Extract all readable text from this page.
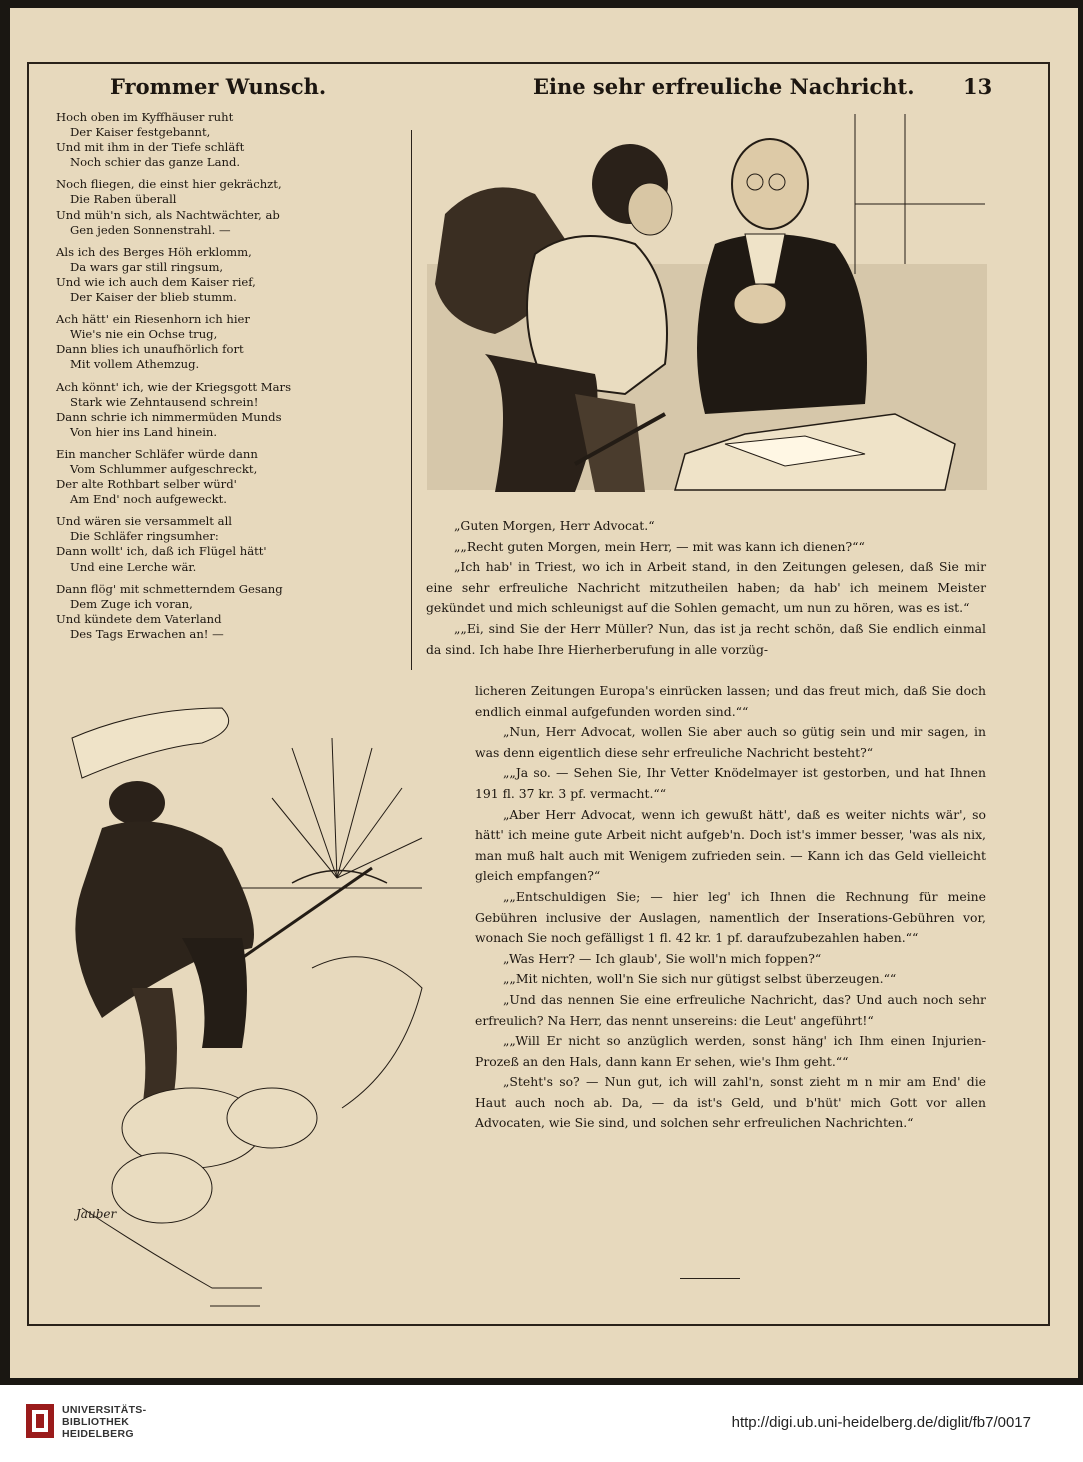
Frommer Wunsch.	Eine sehr erfreuliche Nachricht. 13
Hoch oben im Kyffhäuser ruht
Der Kaiser festgebannt,
Und mit ihm in der Tiefe schläft
Noch schier das ganze Land.
Noch fliegen, die einst hier gekrächzt,
Die Raben überall
Und müh'n sich, als Nachtwächter, ab
Gen jeden Sonnenstrahl. —
Als ich des Berges Höh erklomm,
Da wars gar still ringsum,
Und wie ich auch dem Kaiser rief,
Der Kaiser der blieb stumm.
Ach hätt' ein Riesenhorn ich hier
Wie's nie ein Ochse trug,
Dann blies ich unaufhörlich fort
Mit vollem Athemzug.
Ach könnt' ich, wie der Kriegsgott Mars
Stark wie Zehntausend schrein!
Dann schrie ich nimmermüden Munds
Von hier ins Land hinein.
Ein mancher Schläfer würde dann
Vom Schlummer aufgeschreckt,
Der alte Rothbart selber würd'
Am End' noch aufgeweckt.
Und wären sie versammelt all
Die Schläfer ringsumher:
Dann wollt' ich, daß ich Flügel hätt'
Und eine Lerche wär.
Dann flög' mit schmetterndem Gesang
Dem Zuge ich voran,
Und kündete dem Vaterland
Des Tags Erwachen an! —

„Guten Morgen, Herr Advocat.“

„„Recht guten Morgen, mein Herr, — mit was kann ich dienen?““

„Ich hab' in Triest, wo ich in Arbeit stand, in den Zeitungen gelesen, daß Sie mir eine sehr erfreuliche Nachricht mitzutheilen haben; da hab' ich meinem Meister gekündet und mich schleunigst auf die Sohlen gemacht, um nun zu hören, was es ist.“

„„Ei, sind Sie der Herr Müller? Nun, das ist ja recht schön, daß Sie endlich einmal da sind. Ich habe Ihre Hierherberufung in alle vorzüg-

Jauber

licheren Zeitungen Europa's einrücken lassen; und das freut mich, daß Sie doch endlich einmal aufgefunden worden sind.““

„Nun, Herr Advocat, wollen Sie aber auch so gütig sein und mir sagen, in was denn eigentlich diese sehr erfreuliche Nachricht besteht?“

„„Ja so. — Sehen Sie, Ihr Vetter Knödelmayer ist gestorben, und hat Ihnen 191 fl. 37 kr. 3 pf. vermacht.““

„Aber Herr Advocat, wenn ich gewußt hätt', daß es weiter nichts wär', so hätt' ich meine gute Arbeit nicht aufgeb'n. Doch ist's immer besser, 'was als nix, man muß halt auch mit Wenigem zufrieden sein. — Kann ich das Geld vielleicht gleich empfangen?“

„„Entschuldigen Sie; — hier leg' ich Ihnen die Rechnung für meine Gebühren inclusive der Auslagen, namentlich der Inserations-Gebühren vor, wonach Sie noch gefälligst 1 fl. 42 kr. 1 pf. daraufzubezahlen haben.““

„Was Herr? — Ich glaub', Sie woll'n mich foppen?“

„„Mit nichten, woll'n Sie sich nur gütigst selbst überzeugen.““

„Und das nennen Sie eine erfreuliche Nachricht, das? Und auch noch sehr erfreulich? Na Herr, das nennt unsereins: die Leut' angeführt!“

„„Will Er nicht so anzüglich werden, sonst häng' ich Ihm einen Injurien-Prozeß an den Hals, dann kann Er sehen, wie's Ihm geht.““

„Steht's so? — Nun gut, ich will zahl'n, sonst zieht m n mir am End' die Haut auch noch ab. Da, — da ist's Geld, und b'hüt' mich Gott vor allen Advocaten, wie Sie sind, und solchen sehr erfreulichen Nachrichten.“

UNIVERSITÄTS-
BIBLIOTHEK
HEIDELBERG
http://digi.ub.uni-heidelberg.de/diglit/fb7/0017
